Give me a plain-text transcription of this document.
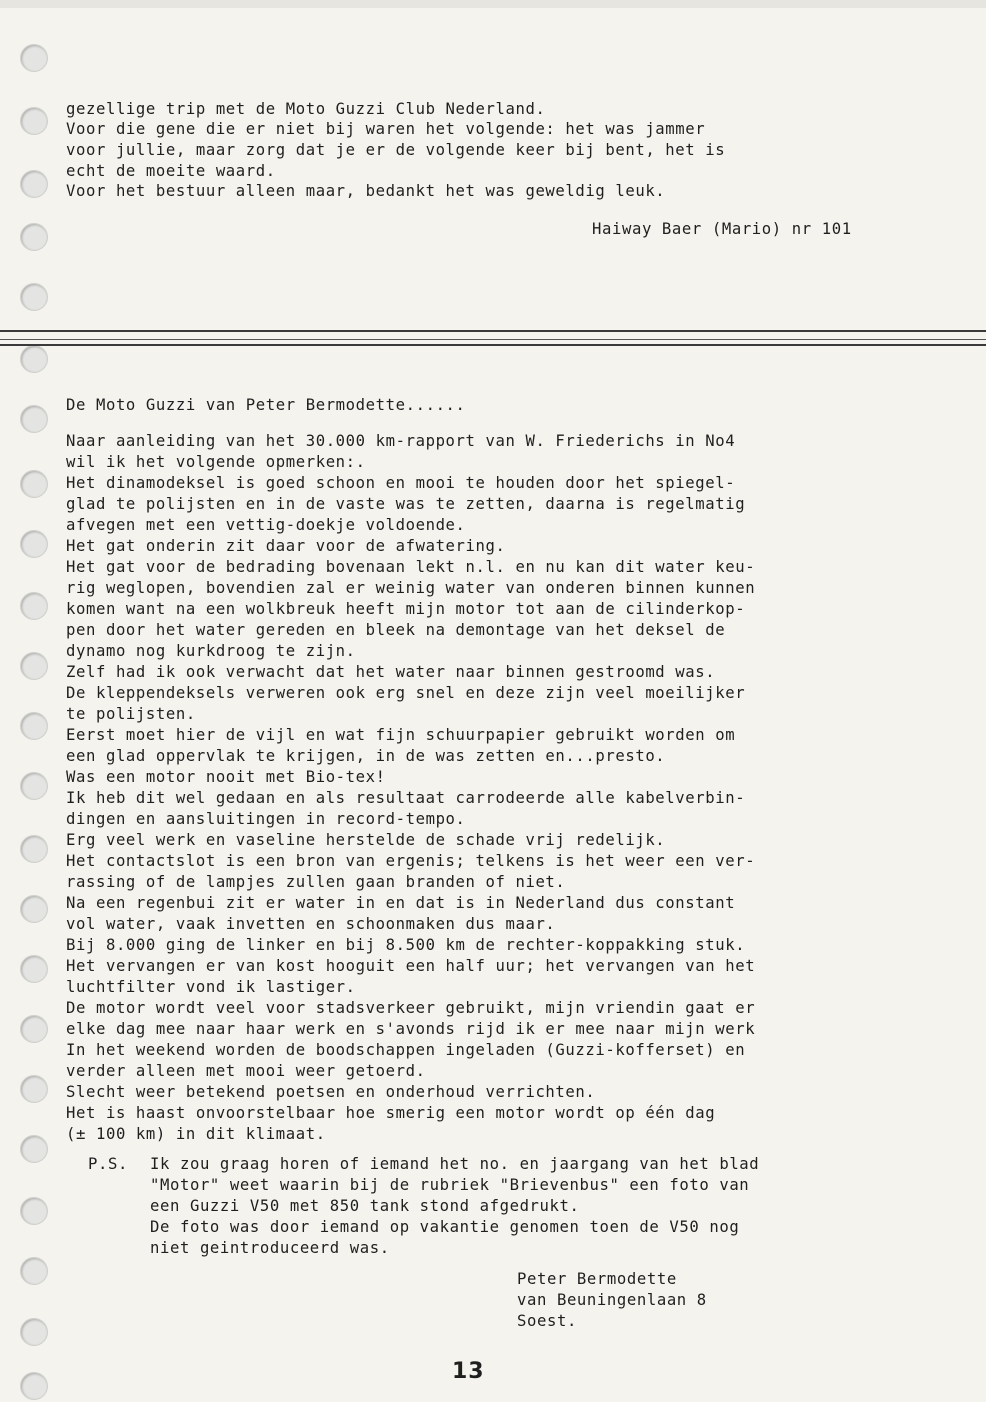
gezellige trip met de Moto Guzzi Club Nederland.
Voor die gene die er niet bij waren het volgende: het was jammer
voor jullie, maar zorg dat je er de volgende keer bij bent, het is
echt de moeite waard.
Voor het bestuur alleen maar, bedankt het was geweldig leuk.
Haiway Baer (Mario) nr 101
De Moto Guzzi van Peter Bermodette......
Naar aanleiding van het 30.000 km-rapport van W. Friederichs in No4
wil ik het volgende opmerken:.
Het dinamodeksel is goed schoon en mooi te houden door het spiegel-
glad te polijsten en in de vaste was te zetten, daarna is regelmatig
afvegen met een vettig-doekje voldoende.
Het gat onderin zit daar voor de afwatering.
Het gat voor de bedrading bovenaan lekt n.l. en nu kan dit water keu-
rig weglopen, bovendien zal er weinig water van onderen binnen kunnen
komen want na een wolkbreuk heeft mijn motor tot aan de cilinderkop-
pen door het water gereden en bleek na demontage van het deksel de
dynamo nog kurkdroog te zijn.
Zelf had ik ook verwacht dat het water naar binnen gestroomd was.
De kleppendeksels verweren ook erg snel en deze zijn veel moeilijker
te polijsten.
Eerst moet hier de vijl en wat fijn schuurpapier gebruikt worden om
een glad oppervlak te krijgen, in de was zetten en...presto.
Was een motor nooit met Bio-tex!
Ik heb dit wel gedaan en als resultaat carrodeerde alle kabelverbin-
dingen en aansluitingen in record-tempo.
Erg veel werk en vaseline herstelde de schade vrij redelijk.
Het contactslot is een bron van ergenis; telkens is het weer een ver-
rassing of de lampjes zullen gaan branden of niet.
Na een regenbui zit er water in en dat is in Nederland dus constant
vol water, vaak invetten en schoonmaken dus maar.
Bij 8.000 ging de linker en bij 8.500 km de rechter-koppakking stuk.
Het vervangen er van kost hooguit een half uur; het vervangen van het
luchtfilter vond ik lastiger.
De motor wordt veel voor stadsverkeer gebruikt, mijn vriendin gaat er
elke dag mee naar haar werk en s'avonds rijd ik er mee naar mijn werk
In het weekend worden de boodschappen ingeladen (Guzzi-kofferset) en
verder alleen met mooi weer getoerd.
Slecht weer betekend poetsen en onderhoud verrichten.
Het is haast onvoorstelbaar hoe smerig een motor wordt op één dag
(± 100 km) in dit klimaat.
P.S. Ik zou graag horen of iemand het no. en jaargang van het blad
"Motor" weet waarin bij de rubriek "Brievenbus" een foto van
een Guzzi V50 met 850 tank stond afgedrukt.
De foto was door iemand op vakantie genomen toen de V50 nog
niet geintroduceerd was.
Peter Bermodette
van Beuningenlaan 8
Soest.
13
